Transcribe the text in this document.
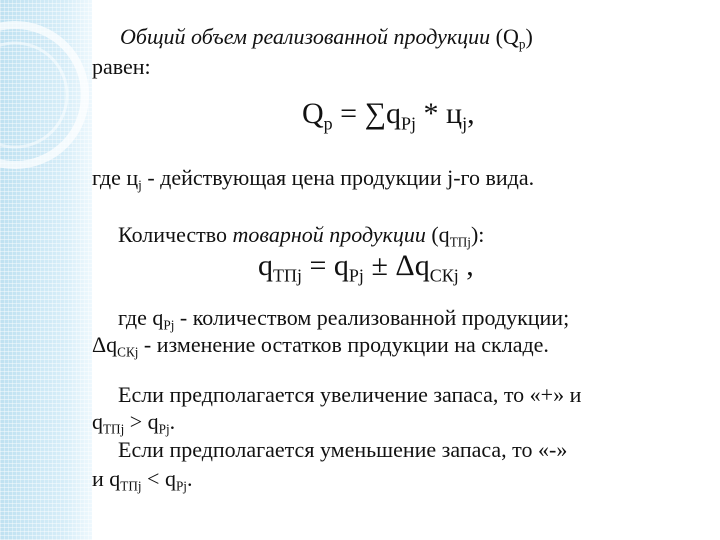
Общий объем реализованной продукции $(Q_р)$
равен:
$Q_р = \sum q_{Рj} * ц_j$,
где $ц_j$ - действующая цена продукции j-го вида.
Количество товарной продукции $(q_{ТПj})$:
$q_{ТПj} = q_{Рj} \pm \Delta q_{СКj}$ ,
где $q_{Рj}$ - количеством реализованной продукции;
$\Delta q_{СКj}$ - изменение остатков продукции на складе.
Если предполагается увеличение запаса, то «+» и
$q_{ТПj} > q_{Рj}$.
Если предполагается уменьшение запаса, то «-»
и $q_{ТПj} < q_{Рj}$.
